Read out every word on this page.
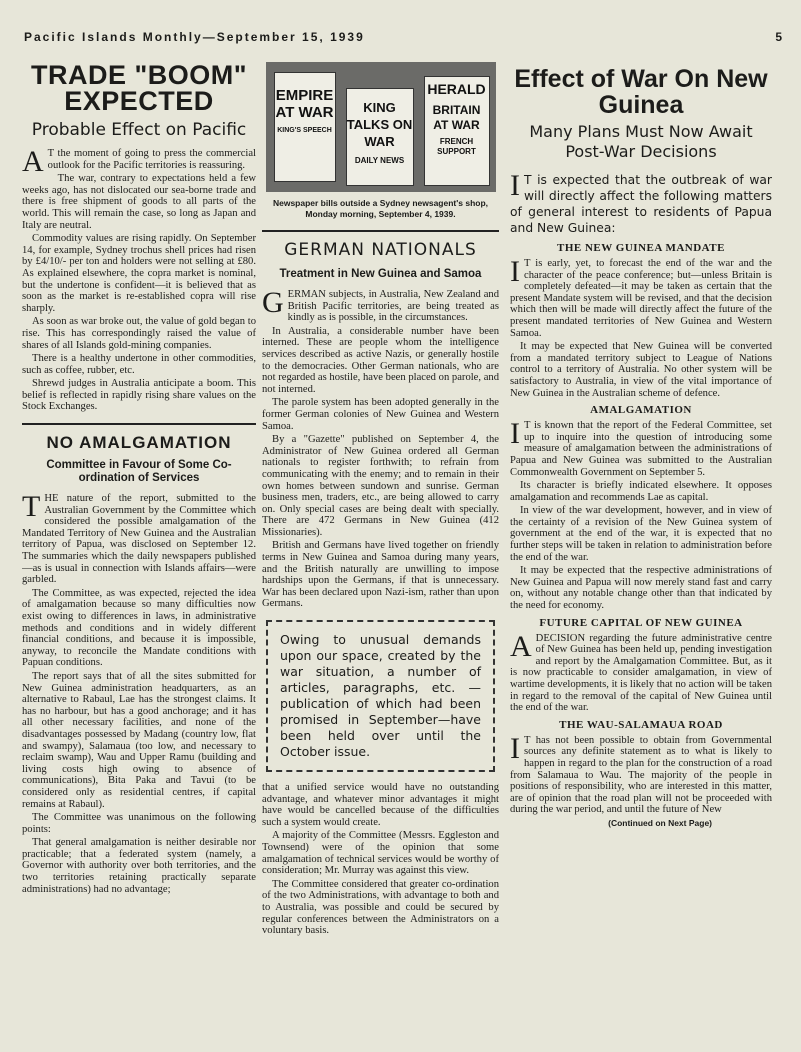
Pacific Islands Monthly—September 15, 1939	5
TRADE "BOOM" EXPECTED
Probable Effect on Pacific

A T the moment of going to press the commercial outlook for the Pacific territories is reassuring.

The war, contrary to expectations held a few weeks ago, has not dislocated our sea-borne trade and there is free shipment of goods to all parts of the world. This will remain the case, so long as Japan and Italy are neutral.

Commodity values are rising rapidly. On September 14, for example, Sydney trochus shell prices had risen by £4/10/- per ton and holders were not selling at £80. As explained elsewhere, the copra market is nominal, but the undertone is confident—it is believed that as soon as the market is re-established copra will rise sharply.

As soon as war broke out, the value of gold began to rise. This has correspondingly raised the value of shares of all Islands gold-mining companies.

There is a healthy undertone in other commodities, such as coffee, rubber, etc.

Shrewd judges in Australia anticipate a boom. This belief is reflected in rapidly rising share values on the Stock Exchanges.

NO AMALGAMATION
Committee in Favour of Some Co-ordination of Services

THE nature of the report, submitted to the Australian Government by the Committee which considered the possible amalgamation of the Mandated Territory of New Guinea and the Australian territory of Papua, was disclosed on September 12. The summaries which the daily newspapers published—as is usual in connection with Islands affairs—were garbled.

The Committee, as was expected, rejected the idea of amalgamation because so many difficulties now exist owing to differences in laws, in administrative methods and conditions and in widely different financial conditions, and because it is impossible, anyway, to reconcile the Mandate conditions with Papuan conditions.

The report says that of all the sites submitted for New Guinea administration headquarters, as an alternative to Rabaul, Lae has the strongest claims. It has no harbour, but has a good anchorage; and it has all other necessary facilities, and none of the disadvantages possessed by Madang (country low, flat and swampy), Salamaua (too low, and necessary to reclaim swamp), Wau and Upper Ramu (building and living costs high owing to absence of communications), Bita Paka and Tavui (to be considered only as residential centres, if capital remains at Rabaul).

The Committee was unanimous on the following points:

That general amalgamation is neither desirable nor practicable; that a federated system (namely, a Governor with authority over both territories, and the two territories retaining practically separate administrations) had no advantage;

EMPIRE AT WAR
KING'S SPEECH
KING TALKS ON WAR
DAILY NEWS
HERALD
BRITAIN AT WAR
FRENCH SUPPORT
Newspaper bills outside a Sydney newsagent's shop, Monday morning, September 4, 1939.
GERMAN NATIONALS
Treatment in New Guinea and Samoa

GERMAN subjects, in Australia, New Zealand and British Pacific territories, are being treated as kindly as is possible, in the circumstances.

In Australia, a considerable number have been interned. These are people whom the intelligence services described as active Nazis, or generally hostile to the democracies. Other German nationals, who are not regarded as hostile, have been placed on parole, and not interned.

The parole system has been adopted generally in the former German colonies of New Guinea and Western Samoa.

By a "Gazette" published on September 4, the Administrator of New Guinea ordered all German nationals to register forthwith; to refrain from communicating with the enemy; and to remain in their own homes between sundown and sunrise. German business men, traders, etc., are being allowed to carry on. Only special cases are being dealt with specially. There are 472 Germans in New Guinea (412 Missionaries).

British and Germans have lived together on friendly terms in New Guinea and Samoa during many years, and the British naturally are unwilling to impose hardships upon the Germans, if that is unnecessary. War has been declared upon Nazi-ism, rather than upon Germans.

Owing to unusual demands upon our space, created by the war situation, a number of articles, paragraphs, etc. — publication of which had been promised in September—have been held over until the October issue.

that a unified service would have no outstanding advantage, and whatever minor advantages it might have would be cancelled because of the difficulties such a system would create.

A majority of the Committee (Messrs. Eggleston and Townsend) were of the opinion that some amalgamation of technical services would be worthy of consideration; Mr. Murray was against this view.

The Committee considered that greater co-ordination of the two Administrations, with advantage to both and to Australia, was possible and could be secured by regular conferences between the Administrators on a voluntary basis.

Effect of War On New Guinea
Many Plans Must Now Await Post-War Decisions

I T is expected that the outbreak of war will directly affect the following matters of general interest to residents of Papua and New Guinea:

THE NEW GUINEA MANDATE

I T is early, yet, to forecast the end of the war and the character of the peace conference; but—unless Britain is completely defeated—it may be taken as certain that the present Mandate system will be revised, and that the decision which then will be made will directly affect the future of the present mandated territories of New Guinea and Western Samoa.

It may be expected that New Guinea will be converted from a mandated territory subject to League of Nations control to a territory of Australia. No other system will be satisfactory to Australia, in view of the vital importance of New Guinea in the Australian scheme of defence.

AMALGAMATION

I T is known that the report of the Federal Committee, set up to inquire into the question of introducing some measure of amalgamation between the administrations of Papua and New Guinea was submitted to the Australian Commonwealth Government on September 5.

Its character is briefly indicated elsewhere. It opposes amalgamation and recommends Lae as capital.

In view of the war development, however, and in view of the certainty of a revision of the New Guinea system of government at the end of the war, it is expected that no further steps will be taken in relation to administration before the end of the war.

It may be expected that the respective administrations of New Guinea and Papua will now merely stand fast and carry on, without any notable change other than that indicated by the need for economy.

FUTURE CAPITAL OF NEW GUINEA

ADECISION regarding the future administrative centre of New Guinea has been held up, pending investigation and report by the Amalgamation Committee. But, as it is now practicable to consider amalgamation, in view of wartime developments, it is likely that no action will be taken in regard to the removal of the capital of New Guinea until the end of the war.

THE WAU-SALAMAUA ROAD

I T has not been possible to obtain from Governmental sources any definite statement as to what is likely to happen in regard to the plan for the construction of a road from Salamaua to Wau. The majority of the people in positions of responsibility, who are interested in this matter, are of opinion that the road plan will not be proceeded with during the war period, and until the future of New

(Continued on Next Page)
